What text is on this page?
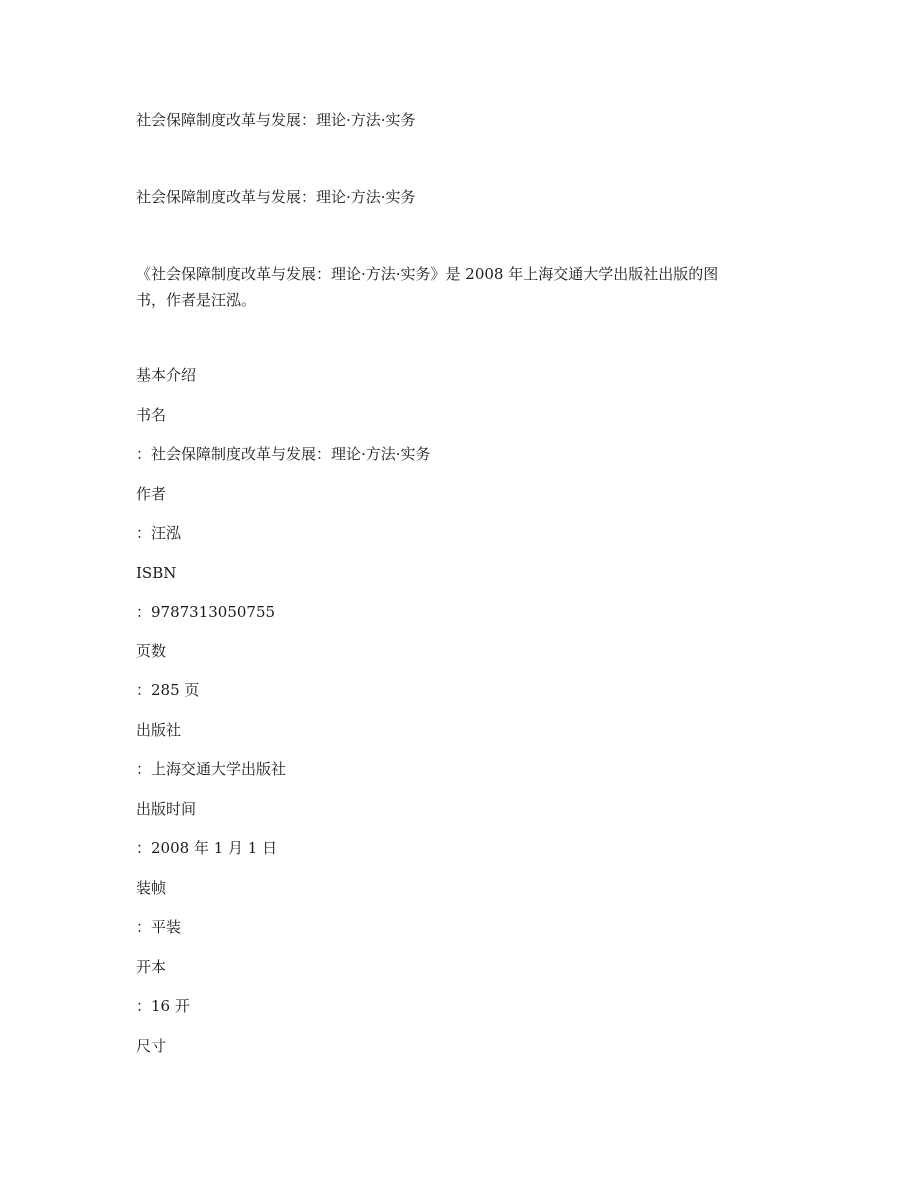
社会保障制度改革与发展：理论·方法·实务
社会保障制度改革与发展：理论·方法·实务
《社会保障制度改革与发展：理论·方法·实务》是 2008 年上海交通大学出版社出版的图
书，作者是汪泓。
基本介绍
书名
：社会保障制度改革与发展：理论·方法·实务
作者
：汪泓
ISBN
：9787313050755
页数
：285 页
出版社
：上海交通大学出版社
出版时间
：2008 年 1 月 1 日
装帧
：平装
开本
：16 开
尺寸
